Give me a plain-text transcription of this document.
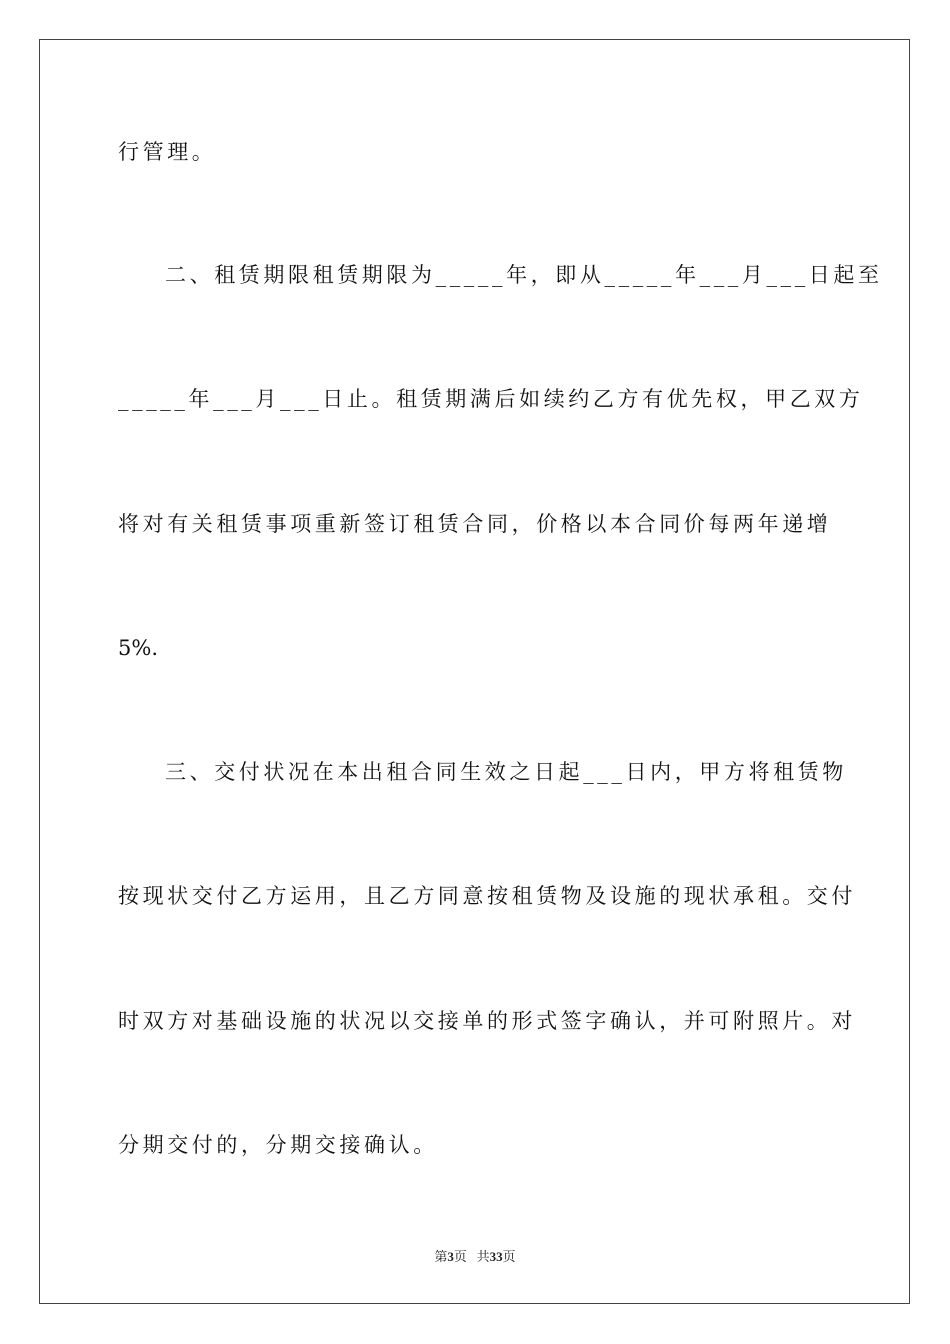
行管理。
二、租赁期限租赁期限为_____年，即从_____年___月___日起至
_____年___月___日止。租赁期满后如续约乙方有优先权，甲乙双方
将对有关租赁事项重新签订租赁合同，价格以本合同价每两年递增
5%.
三、交付状况在本出租合同生效之日起___日内，甲方将租赁物
按现状交付乙方运用，且乙方同意按租赁物及设施的现状承租。交付
时双方对基础设施的状况以交接单的形式签字确认，并可附照片。对
分期交付的，分期交接确认。
第3页 共33页
